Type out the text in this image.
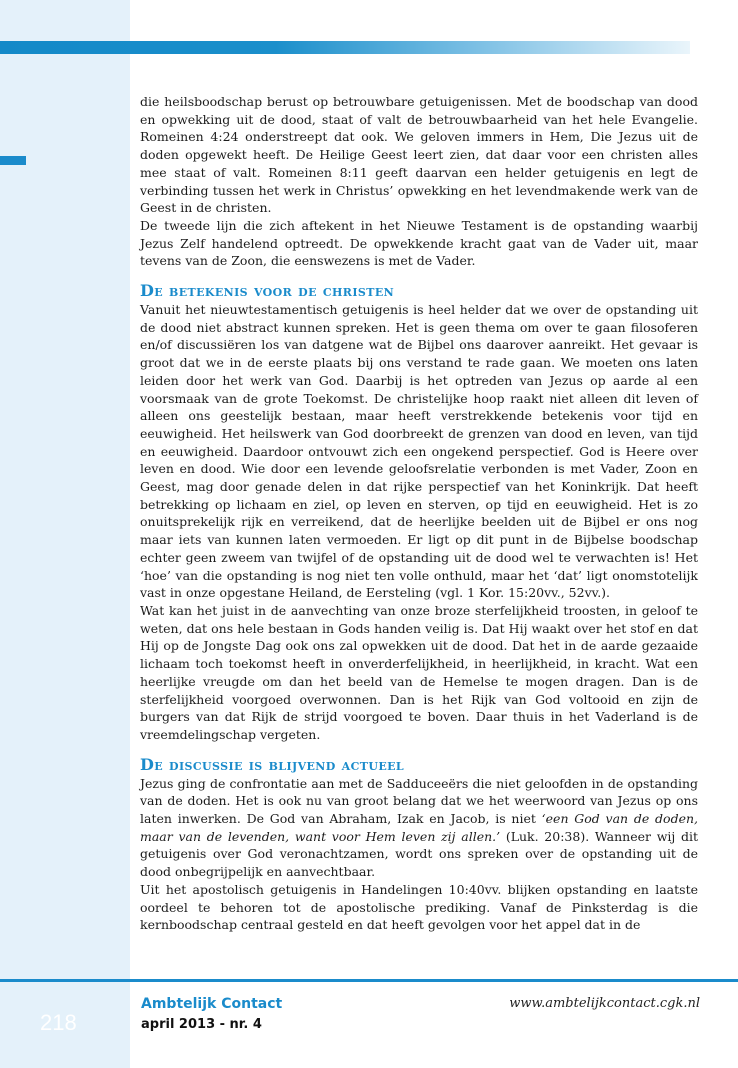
die heilsboodschap berust op betrouwbare getuigenissen. Met de boodschap van dood en opwekking uit de dood, staat of valt de betrouwbaarheid van het hele Evangelie. Romeinen 4:24 onderstreept dat ook. We geloven immers in Hem, Die Jezus uit de doden opgewekt heeft. De Heilige Geest leert zien, dat daar voor een christen alles mee staat of valt. Romeinen 8:11 geeft daarvan een helder getuigenis en legt de verbinding tussen het werk in Christus’ opwekking en het levendmakende werk van de Geest in de christen.

De tweede lijn die zich aftekent in het Nieuwe Testament is de opstanding waarbij Jezus Zelf handelend optreedt. De opwekkende kracht gaat van de Vader uit, maar tevens van de Zoon, die eenswezens is met de Vader.

De betekenis voor de christen

Vanuit het nieuwtestamentisch getuigenis is heel helder dat we over de opstanding uit de dood niet abstract kunnen spreken. Het is geen thema om over te gaan filosoferen en/of discussiëren los van datgene wat de Bijbel ons daarover aanreikt. Het gevaar is groot dat we in de eerste plaats bij ons verstand te rade gaan. We moeten ons laten leiden door het werk van God. Daarbij is het optreden van Jezus op aarde al een voorsmaak van de grote Toekomst. De christelijke hoop raakt niet alleen dit leven of alleen ons geestelijk bestaan, maar heeft verstrekkende betekenis voor tijd en eeuwigheid. Het heilswerk van God doorbreekt de grenzen van dood en leven, van tijd en eeuwigheid. Daardoor ontvouwt zich een ongekend perspectief. God is Heere over leven en dood. Wie door een levende geloofsrelatie verbonden is met Vader, Zoon en Geest, mag door genade delen in dat rijke perspectief van het Koninkrijk. Dat heeft betrekking op lichaam en ziel, op leven en sterven, op tijd en eeuwigheid. Het is zo onuitsprekelijk rijk en verreikend, dat de heerlijke beelden uit de Bijbel er ons nog maar iets van kunnen laten vermoeden. Er ligt op dit punt in de Bijbelse boodschap echter geen zweem van twijfel of de opstanding uit de dood wel te verwachten is! Het ‘hoe’ van die opstanding is nog niet ten volle onthuld, maar het ‘dat’ ligt onomstotelijk vast in onze opgestane Heiland, de Eersteling (vgl. 1 Kor. 15:20vv., 52vv.).

Wat kan het juist in de aanvechting van onze broze sterfelijkheid troosten, in geloof te weten, dat ons hele bestaan in Gods handen veilig is. Dat Hij waakt over het stof en dat Hij op de Jongste Dag ook ons zal opwekken uit de dood. Dat het in de aarde gezaaide lichaam toch toekomst heeft in onverderfelijkheid, in heerlijkheid, in kracht. Wat een heerlijke vreugde om dan het beeld van de Hemelse te mogen dragen. Dan is de sterfelijkheid voorgoed overwonnen. Dan is het Rijk van God voltooid en zijn de burgers van dat Rijk de strijd voorgoed te boven. Daar thuis in het Vaderland is de vreemdelingschap vergeten.

De discussie is blijvend actueel

Jezus ging de confrontatie aan met de Sadduceeërs die niet geloofden in de opstanding van de doden. Het is ook nu van groot belang dat we het weerwoord van Jezus op ons laten inwerken. De God van Abraham, Izak en Jacob, is niet ‘een God van de doden, maar van de levenden, want voor Hem leven zij allen.’ (Luk. 20:38). Wanneer wij dit getuigenis over God veronachtzamen, wordt ons spreken over de opstanding uit de dood onbegrijpelijk en aanvechtbaar.

Uit het apostolisch getuigenis in Handelingen 10:40vv. blijken opstanding en laatste oordeel te behoren tot de apostolische prediking. Vanaf de Pinksterdag is die kernboodschap centraal gesteld en dat heeft gevolgen voor het appel dat in de

218
Ambtelijk Contact
april 2013 - nr. 4
www.ambtelijkcontact.cgk.nl
